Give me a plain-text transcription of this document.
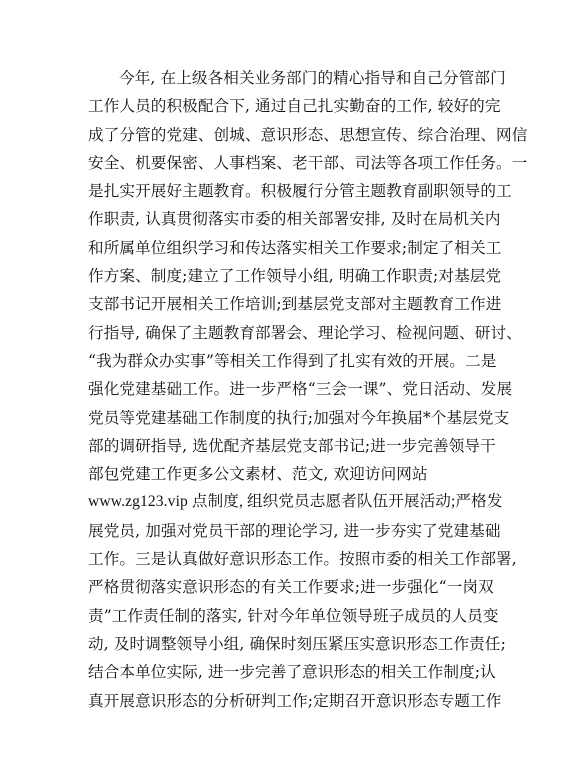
今年, 在上级各相关业务部门的精心指导和自己分管部门
工作人员的积极配合下, 通过自己扎实勤奋的工作, 较好的完
成了分管的党建、创城、意识形态、思想宣传、综合治理、网信
安全、机要保密、人事档案、老干部、司法等各项工作任务。一
是扎实开展好主题教育。积极履行分管主题教育副职领导的工
作职责, 认真贯彻落实市委的相关部署安排, 及时在局机关内
和所属单位组织学习和传达落实相关工作要求;制定了相关工
作方案、制度;建立了工作领导小组, 明确工作职责;对基层党
支部书记开展相关工作培训;到基层党支部对主题教育工作进
行指导, 确保了主题教育部署会、理论学习、检视问题、研讨、
“我为群众办实事”等相关工作得到了扎实有效的开展。二是
强化党建基础工作。进一步严格“三会一课”、党日活动、发展
党员等党建基础工作制度的执行;加强对今年换届*个基层党支
部的调研指导, 选优配齐基层党支部书记;进一步完善领导干
部包党建工作更多公文素材、范文, 欢迎访问网站
www.zg123.vip 点制度, 组织党员志愿者队伍开展活动;严格发
展党员, 加强对党员干部的理论学习, 进一步夯实了党建基础
工作。三是认真做好意识形态工作。按照市委的相关工作部署,
严格贯彻落实意识形态的有关工作要求;进一步强化“一岗双
责”工作责任制的落实, 针对今年单位领导班子成员的人员变
动, 及时调整领导小组, 确保时刻压紧压实意识形态工作责任;
结合本单位实际, 进一步完善了意识形态的相关工作制度;认
真开展意识形态的分析研判工作;定期召开意识形态专题工作
